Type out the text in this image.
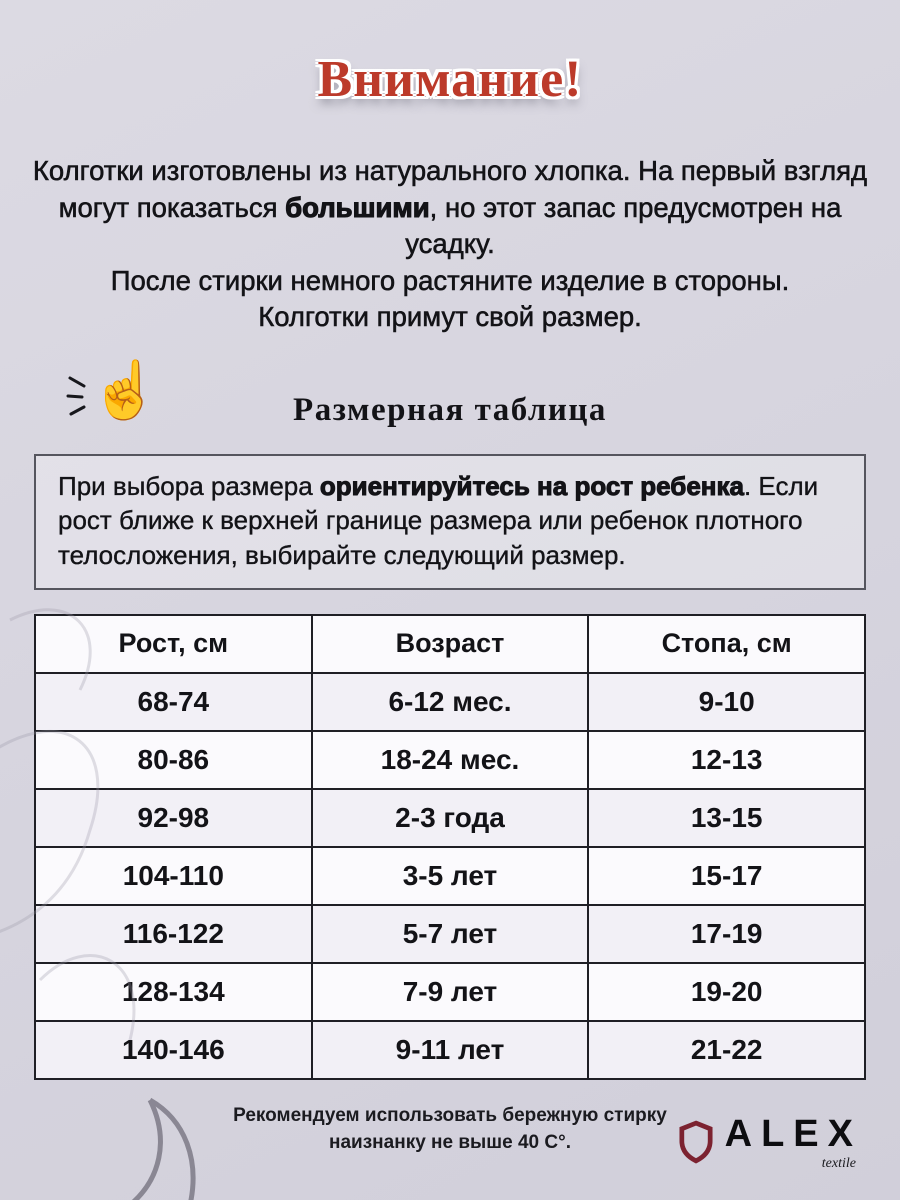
Внимание!
Колготки изготовлены из натурального хлопка. На первый взгляд могут показаться большими, но этот запас предусмотрен на усадку.
После стирки немного растяните изделие в стороны.
Колготки примут свой размер.
☝	Размерная таблица
При выбора размера ориентируйтесь на рост ребенка. Если рост ближе к верхней границе размера или ребенок плотного телосложения, выбирайте следующий размер.
Рост, см	Возраст	Стопа, см
68-74	6-12 мес.	9-10
80-86	18-24 мес.	12-13
92-98	2-3 года	13-15
104-110	3-5 лет	15-17
116-122	5-7 лет	17-19
128-134	7-9 лет	19-20
140-146	9-11 лет	21-22
Рекомендуем использовать бережную стирку
наизнанку не выше 40 C°.	ALEX
textile
